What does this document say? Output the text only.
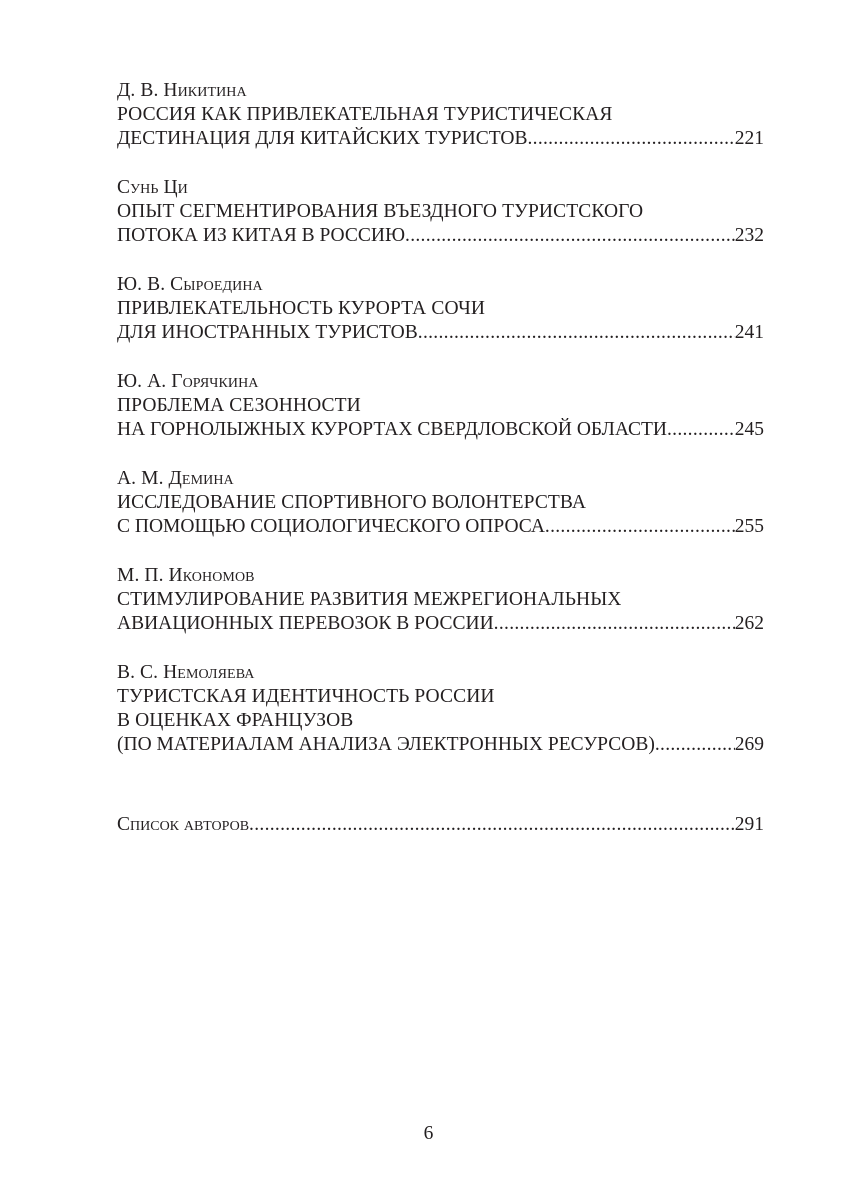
Д. В. Никитина
РОССИЯ КАК ПРИВЛЕКАТЕЛЬНАЯ ТУРИСТИЧЕСКАЯ
ДЕСТИНАЦИЯ ДЛЯ КИТАЙСКИХ ТУРИСТОВ .....	221
Сунь Ци
ОПЫТ СЕГМЕНТИРОВАНИЯ ВЪЕЗДНОГО ТУРИСТСКОГО
ПОТОКА ИЗ КИТАЯ В РОССИЮ .....	232
Ю. В. Сыроедина
ПРИВЛЕКАТЕЛЬНОСТЬ КУРОРТА СОЧИ
ДЛЯ ИНОСТРАННЫХ ТУРИСТОВ .....	241
Ю. А. Горячкина
ПРОБЛЕМА СЕЗОННОСТИ
НА ГОРНОЛЫЖНЫХ КУРОРТАХ СВЕРДЛОВСКОЙ ОБЛАСТИ .....	245
А. М. Демина
ИССЛЕДОВАНИЕ СПОРТИВНОГО ВОЛОНТЕРСТВА
С ПОМОЩЬЮ СОЦИОЛОГИЧЕСКОГО ОПРОСА .....	255
М. П. Икономов
СТИМУЛИРОВАНИЕ РАЗВИТИЯ МЕЖРЕГИОНАЛЬНЫХ
АВИАЦИОННЫХ ПЕРЕВОЗОК В РОССИИ .....	262
В. С. Немоляева
ТУРИСТСКАЯ ИДЕНТИЧНОСТЬ РОССИИ
В ОЦЕНКАХ ФРАНЦУЗОВ
(ПО МАТЕРИАЛАМ АНАЛИЗА ЭЛЕКТРОННЫХ РЕСУРСОВ) .....	269
Список авторов .....	291
6
